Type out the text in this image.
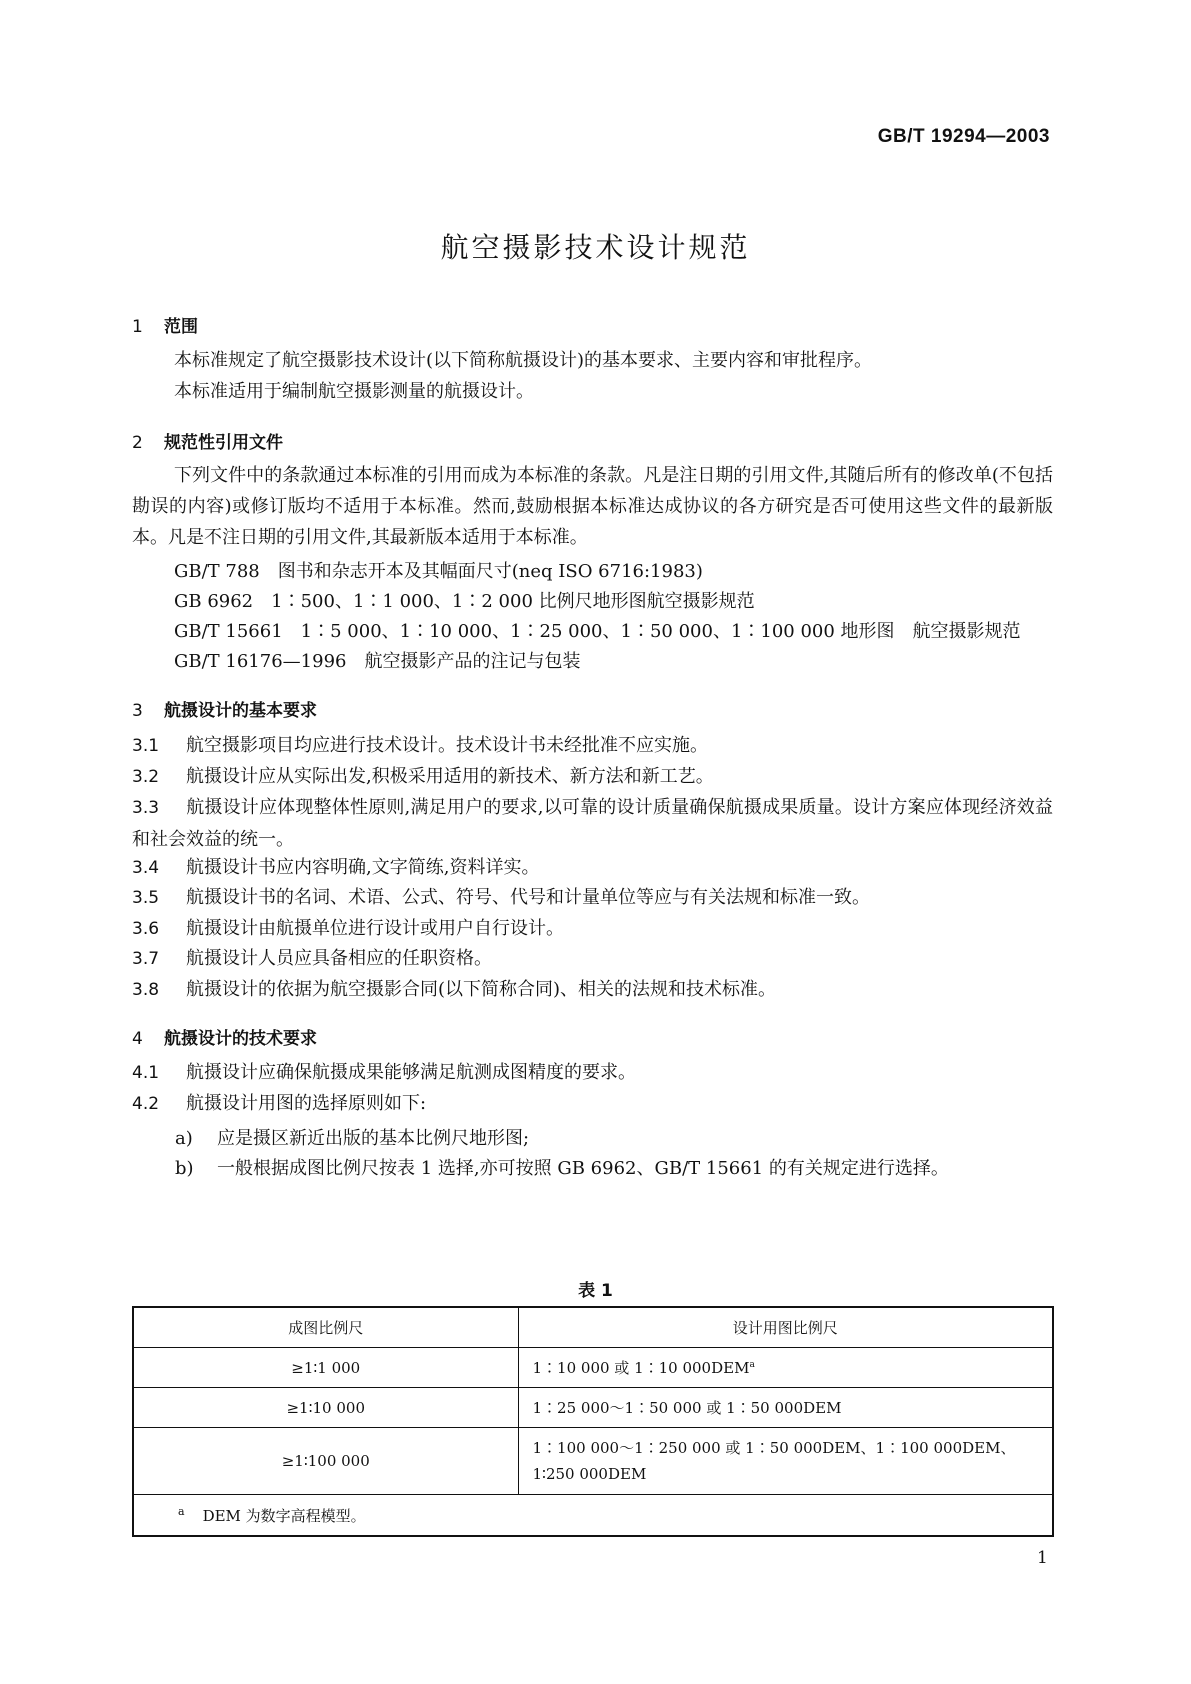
GB/T 19294—2003
航空摄影技术设计规范
1 范围
本标准规定了航空摄影技术设计(以下简称航摄设计)的基本要求、主要内容和审批程序。
本标准适用于编制航空摄影测量的航摄设计。
2 规范性引用文件
下列文件中的条款通过本标准的引用而成为本标准的条款。凡是注日期的引用文件,其随后所有的修改单(不包括勘误的内容)或修订版均不适用于本标准。然而,鼓励根据本标准达成协议的各方研究是否可使用这些文件的最新版本。凡是不注日期的引用文件,其最新版本适用于本标准。
GB/T 788　图书和杂志开本及其幅面尺寸(neq ISO 6716:1983)
GB 6962　1∶500、1∶1 000、1∶2 000 比例尺地形图航空摄影规范
GB/T 15661　1∶5 000、1∶10 000、1∶25 000、1∶50 000、1∶100 000 地形图　航空摄影规范
GB/T 16176—1996　航空摄影产品的注记与包装
3 航摄设计的基本要求
3.1 航空摄影项目均应进行技术设计。技术设计书未经批准不应实施。
3.2 航摄设计应从实际出发,积极采用适用的新技术、新方法和新工艺。
3.3 航摄设计应体现整体性原则,满足用户的要求,以可靠的设计质量确保航摄成果质量。设计方案应体现经济效益和社会效益的统一。
3.4 航摄设计书应内容明确,文字简练,资料详实。
3.5 航摄设计书的名词、术语、公式、符号、代号和计量单位等应与有关法规和标准一致。
3.6 航摄设计由航摄单位进行设计或用户自行设计。
3.7 航摄设计人员应具备相应的任职资格。
3.8 航摄设计的依据为航空摄影合同(以下简称合同)、相关的法规和技术标准。
4 航摄设计的技术要求
4.1 航摄设计应确保航摄成果能够满足航测成图精度的要求。
4.2 航摄设计用图的选择原则如下:
a) 应是摄区新近出版的基本比例尺地形图;
b) 一般根据成图比例尺按表 1 选择,亦可按照 GB 6962、GB/T 15661 的有关规定进行选择。
表 1
成图比例尺	设计用图比例尺
≥1∶1 000	1∶10 000 或 1∶10 $000DEM^a$
≥1∶10 000	1∶25 000～1∶50 000 或 1∶50 000DEM
≥1∶100 000	1∶100 000～1∶250 000 或 1∶50 000DEM、1∶100 000DEM、
1∶250 000DEM

$^a$ DEM 为数字高程模型。	
1
